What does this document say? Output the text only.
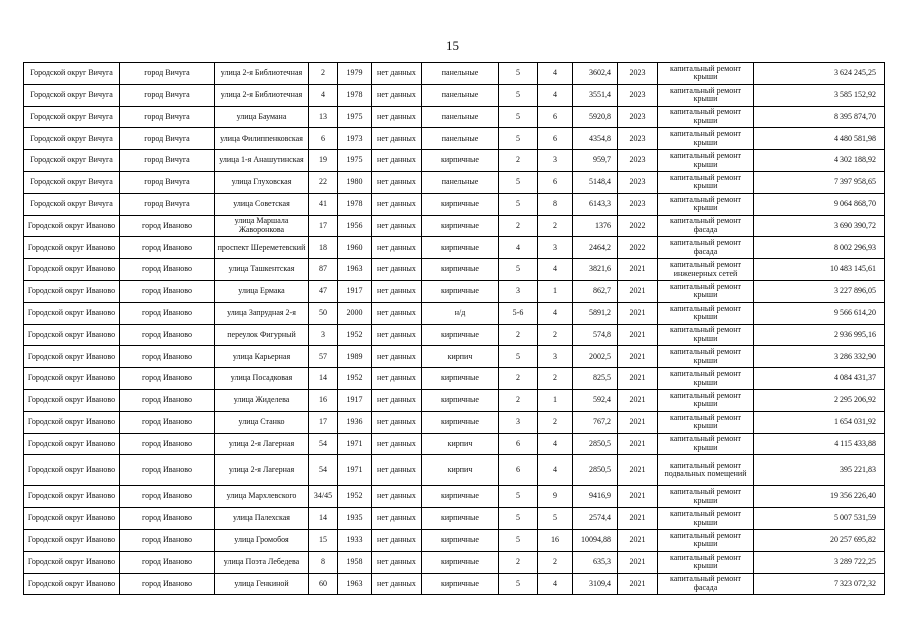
15
Городской округ Вичуга	город Вичуга	улица 2-я Библиотечная	2	1979	нет данных	панельные	5	4	3602,4	2023	капитальный ремонт крыши	3 624 245,25
Городской округ Вичуга	город Вичуга	улица 2-я Библиотечная	4	1978	нет данных	панельные	5	4	3551,4	2023	капитальный ремонт крыши	3 585 152,92
Городской округ Вичуга	город Вичуга	улица Баумана	13	1975	нет данных	панельные	5	6	5920,8	2023	капитальный ремонт крыши	8 395 874,70
Городской округ Вичуга	город Вичуга	улица Филиппенковская	6	1973	нет данных	панельные	5	6	4354,8	2023	капитальный ремонт крыши	4 480 581,98
Городской округ Вичуга	город Вичуга	улица 1-я Анашутинская	19	1975	нет данных	кирпичные	2	3	959,7	2023	капитальный ремонт крыши	4 302 188,92
Городской округ Вичуга	город Вичуга	улица Глуховская	22	1980	нет данных	панельные	5	6	5148,4	2023	капитальный ремонт крыши	7 397 958,65
Городской округ Вичуга	город Вичуга	улица Советская	41	1978	нет данных	кирпичные	5	8	6143,3	2023	капитальный ремонт крыши	9 064 868,70
Городской округ Иваново	город Иваново	улица Маршала Жаворонкова	17	1956	нет данных	кирпичные	2	2	1376	2022	капитальный ремонт фасада	3 690 390,72
Городской округ Иваново	город Иваново	проспект Шереметевский	18	1960	нет данных	кирпичные	4	3	2464,2	2022	капитальный ремонт фасада	8 002 296,93
Городской округ Иваново	город Иваново	улица Ташкентская	87	1963	нет данных	кирпичные	5	4	3821,6	2021	капитальный ремонт инженерных сетей	10 483 145,61
Городской округ Иваново	город Иваново	улица Ермака	47	1917	нет данных	кирпичные	3	1	862,7	2021	капитальный ремонт крыши	3 227 896,05
Городской округ Иваново	город Иваново	улица Запрудная 2-я	50	2000	нет данных	н/д	5-6	4	5891,2	2021	капитальный ремонт крыши	9 566 614,20
Городской округ Иваново	город Иваново	переулок Фигурный	3	1952	нет данных	кирпичные	2	2	574,8	2021	капитальный ремонт крыши	2 936 995,16
Городской округ Иваново	город Иваново	улица Карьерная	57	1989	нет данных	кирпич	5	3	2002,5	2021	капитальный ремонт крыши	3 286 332,90
Городской округ Иваново	город Иваново	улица Посадковая	14	1952	нет данных	кирпичные	2	2	825,5	2021	капитальный ремонт крыши	4 084 431,37
Городской округ Иваново	город Иваново	улица Жиделева	16	1917	нет данных	кирпичные	2	1	592,4	2021	капитальный ремонт крыши	2 295 206,92
Городской округ Иваново	город Иваново	улица Станко	17	1936	нет данных	кирпичные	3	2	767,2	2021	капитальный ремонт крыши	1 654 031,92
Городской округ Иваново	город Иваново	улица 2-я Лагерная	54	1971	нет данных	кирпич	6	4	2850,5	2021	капитальный ремонт крыши	4 115 433,88
Городской округ Иваново	город Иваново	улица 2-я Лагерная	54	1971	нет данных	кирпич	6	4	2850,5	2021	капитальный ремонт подвальных помещений	395 221,83
Городской округ Иваново	город Иваново	улица Мархлевского	34/45	1952	нет данных	кирпичные	5	9	9416,9	2021	капитальный ремонт крыши	19 356 226,40
Городской округ Иваново	город Иваново	улица Палехская	14	1935	нет данных	кирпичные	5	5	2574,4	2021	капитальный ремонт крыши	5 007 531,59
Городской округ Иваново	город Иваново	улица Громобоя	15	1933	нет данных	кирпичные	5	16	10094,88	2021	капитальный ремонт крыши	20 257 695,82
Городской округ Иваново	город Иваново	улица Поэта Лебедева	8	1958	нет данных	кирпичные	2	2	635,3	2021	капитальный ремонт крыши	3 289 722,25
Городской округ Иваново	город Иваново	улица Генкиной	60	1963	нет данных	кирпичные	5	4	3109,4	2021	капитальный ремонт фасада	7 323 072,32
